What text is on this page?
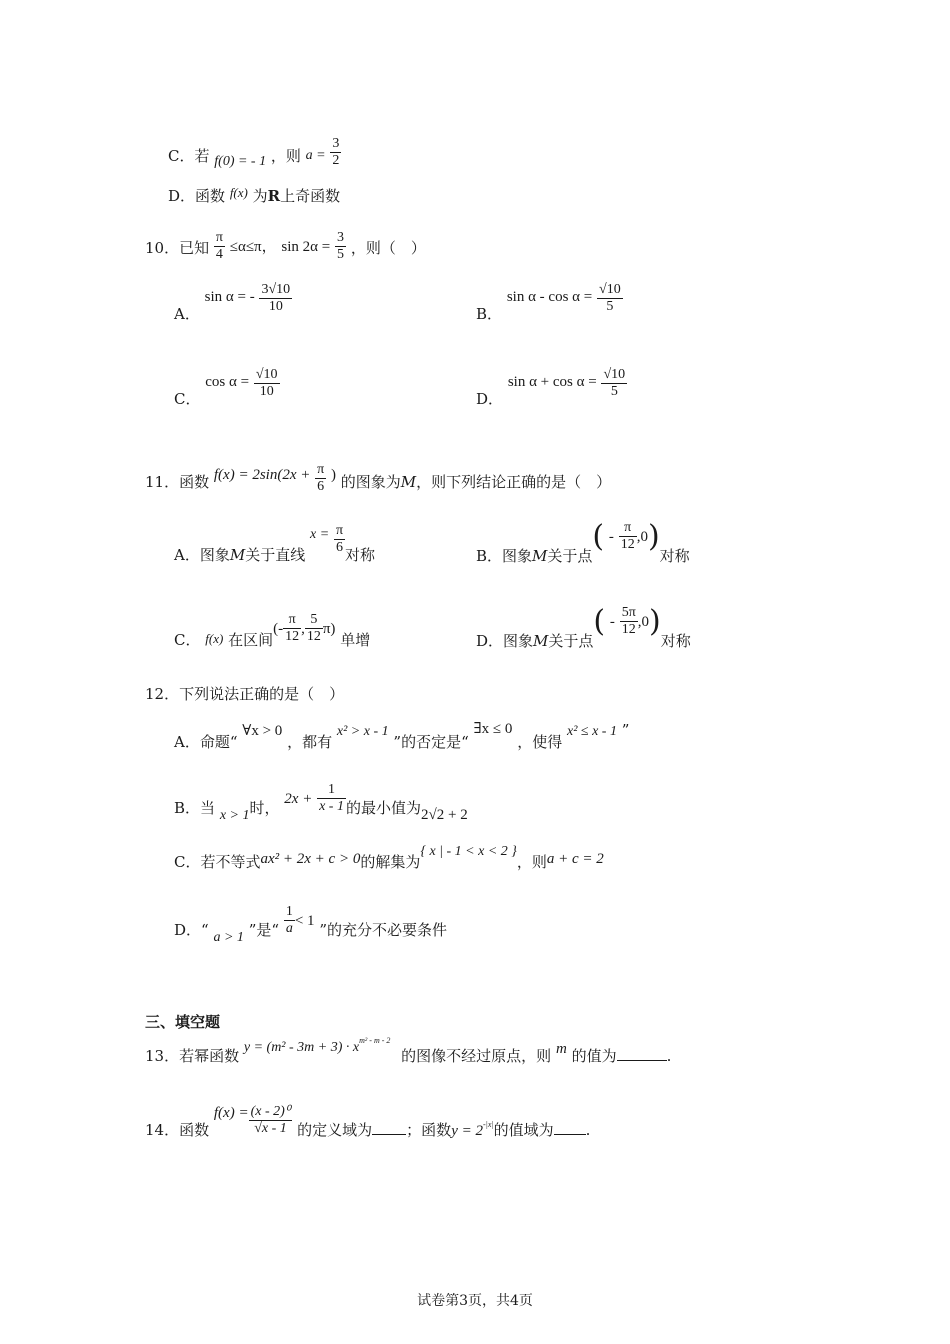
C．若 f(0) = - 1 ，则 $a = \frac{3}{2}$
D．函数 f(x) 为R上奇函数
10．已知 $\frac{\pi}{4} \le\alpha\le\pi$， $\sin 2\alpha = \frac{3}{5}$ ，则（　）
A． sin α = - $\frac{3√10}{10}$	B． $\sin \alpha - \cos \alpha = \frac{√10}{5}$
C． $\cos \alpha = \frac{√10}{10}$	D． $\sin \alpha + \cos \alpha = \frac{√10}{5}$
11．函数 $f(x) = 2\sin(2x + \frac{\pi}{6}$ ) 的图象为M，则下列结论正确的是（　）
A．图象M关于直线 $x = \frac{\pi}{6}$ 对称	B．图象M关于点( - $\frac{\pi}{12} ,0$)对称
C． f(x) 在区间(- $\frac{\pi}{12}$ , $\frac{5}{12} \pi$) 单增	D．图象M关于点( - $\frac{5\pi}{12} ,0$)对称
12．下列说法正确的是（　）
A．命题“ ∀x > 0 ，都有 x² > x - 1 ”的否定是“ ∃x ≤ 0 ，使得 x² ≤ x - 1 ”
B．当 x > 1时， $2x + \frac{1}{x - 1}$ 的最小值为2√2 + 2
C．若不等式ax² + 2x + c > 0的解集为{ x | - 1 < x < 2 }，则a + c = 2
D．“ a > 1 ”是“ $\frac{1}{a} < 1$ ”的充分不必要条件
三、填空题
13．若幂函数 $y = (m^2 - 3m + 3) \cdot x^{m^2 - m - 2}$ 的图像不经过原点，则 m 的值为	.
14．函数 $f(x) = \frac{\text{(x - 2)⁰}}{√x - 1}$ 的定义域为 ；函数$y = 2_{-|x|}$的值域为 .
试卷第3页，共4页
